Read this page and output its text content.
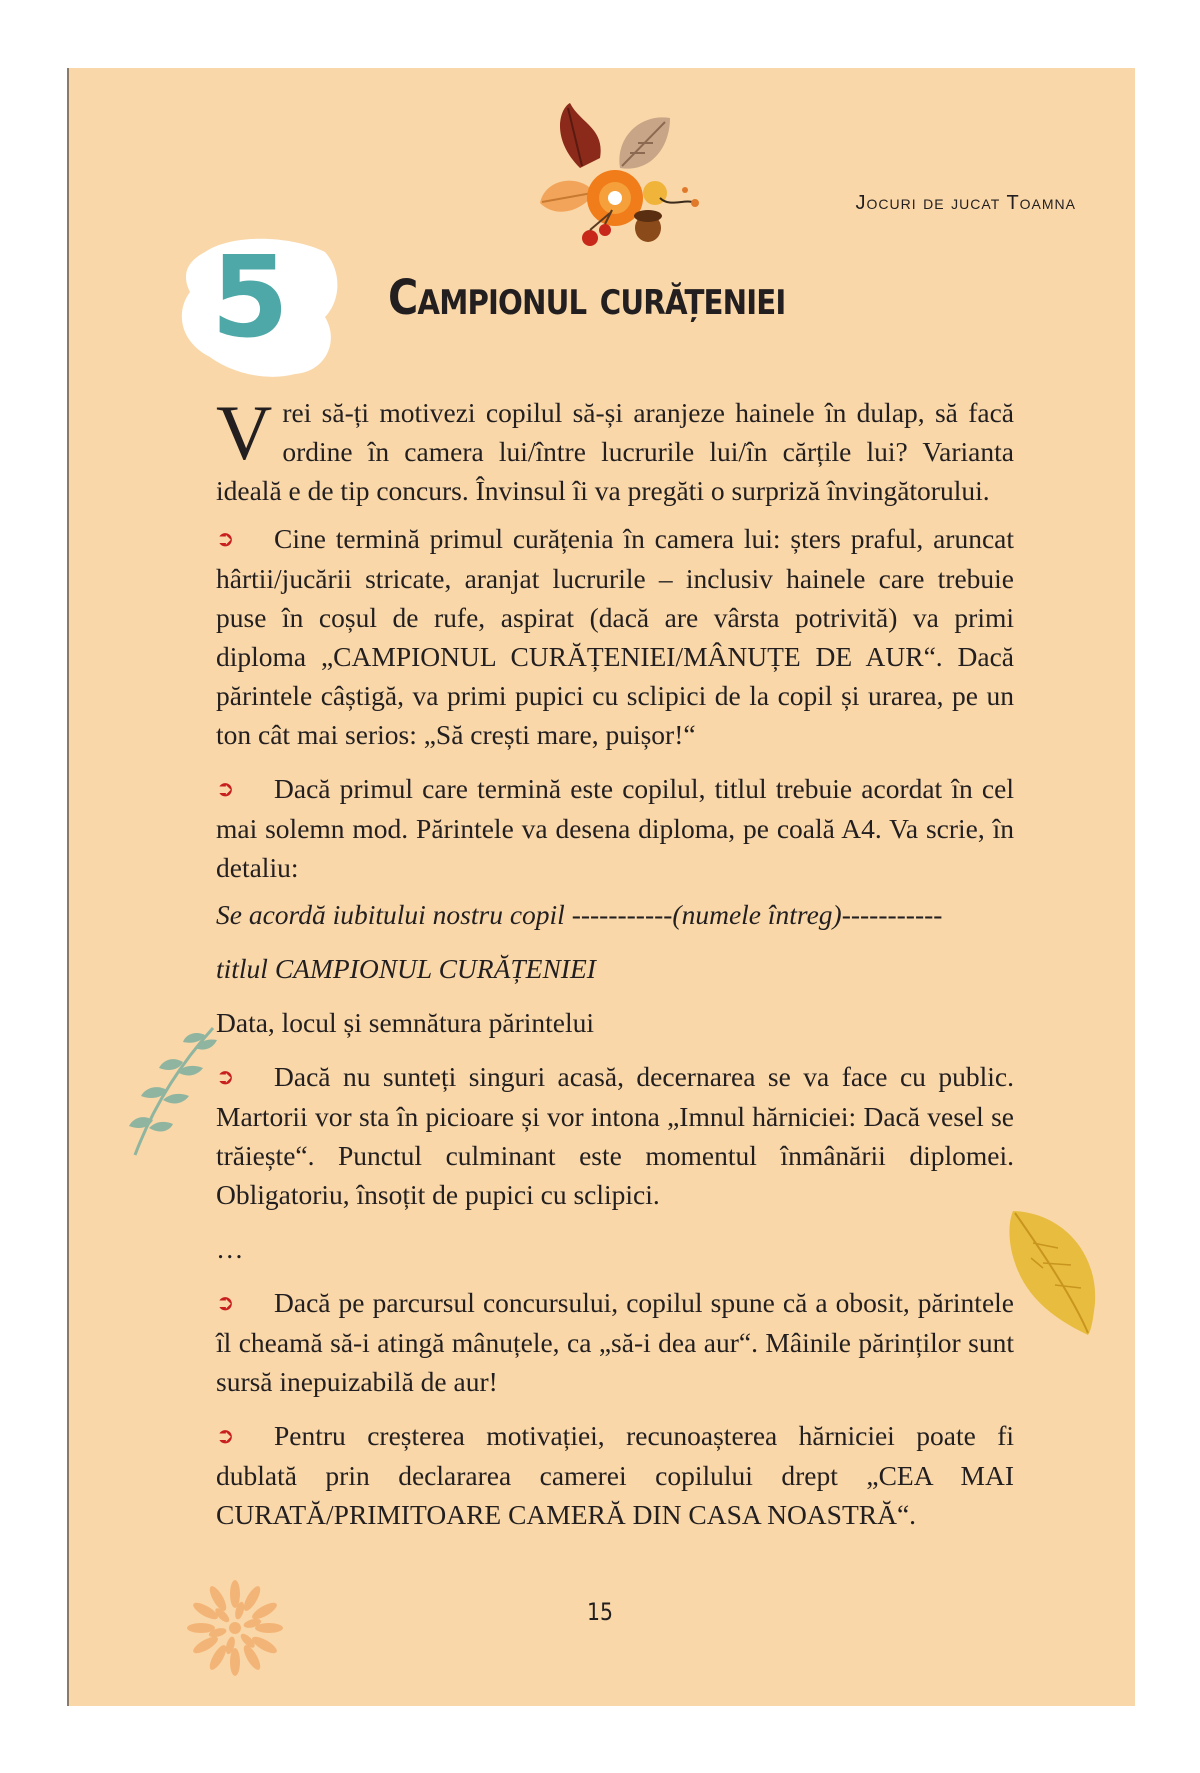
Jocuri de jucat Toamna
5 Campionul curățeniei

Vrei să-ți motivezi copilul să-și aranjeze hainele în dulap, să facă ordine în camera lui/între lucrurile lui/în cărțile lui? Varianta ideală e de tip concurs. Învinsul îi va pregăti o surpriză învingătorului.

➲ Cine termină primul curățenia în camera lui: șters praful, aruncat hârtii/jucării stricate, aranjat lucrurile – inclusiv hainele care trebuie puse în coșul de rufe, aspirat (dacă are vârsta potrivită) va primi diploma „CAMPIONUL CURĂȚENIEI/MÂNUȚE DE AUR“. Dacă părintele câștigă, va primi pupici cu sclipici de la copil și urarea, pe un ton cât mai serios: „Să crești mare, puișor!“

➲ Dacă primul care termină este copilul, titlul trebuie acordat în cel mai solemn mod. Părintele va desena diploma, pe coală A4. Va scrie, în detaliu:

Se acordă iubitului nostru copil -----------(numele întreg)-----------

titlul CAMPIONUL CURĂȚENIEI

Data, locul și semnătura părintelui

➲ Dacă nu sunteți singuri acasă, decernarea se va face cu public. Martorii vor sta în picioare și vor intona „Imnul hărniciei: Dacă vesel se trăiește“. Punctul culminant este momentul înmânării diplomei. Obligatoriu, însoțit de pupici cu sclipici.

…

➲ Dacă pe parcursul concursului, copilul spune că a obosit, părintele îl cheamă să-i atingă mânuțele, ca „să-i dea aur“. Mâinile părinților sunt sursă inepuizabilă de aur!

➲ Pentru creșterea motivației, recunoașterea hărniciei poate fi dublată prin declararea camerei copilului drept „CEA MAI CURATĂ/PRIMITOARE CAMERĂ DIN CASA NOASTRĂ“.

15
